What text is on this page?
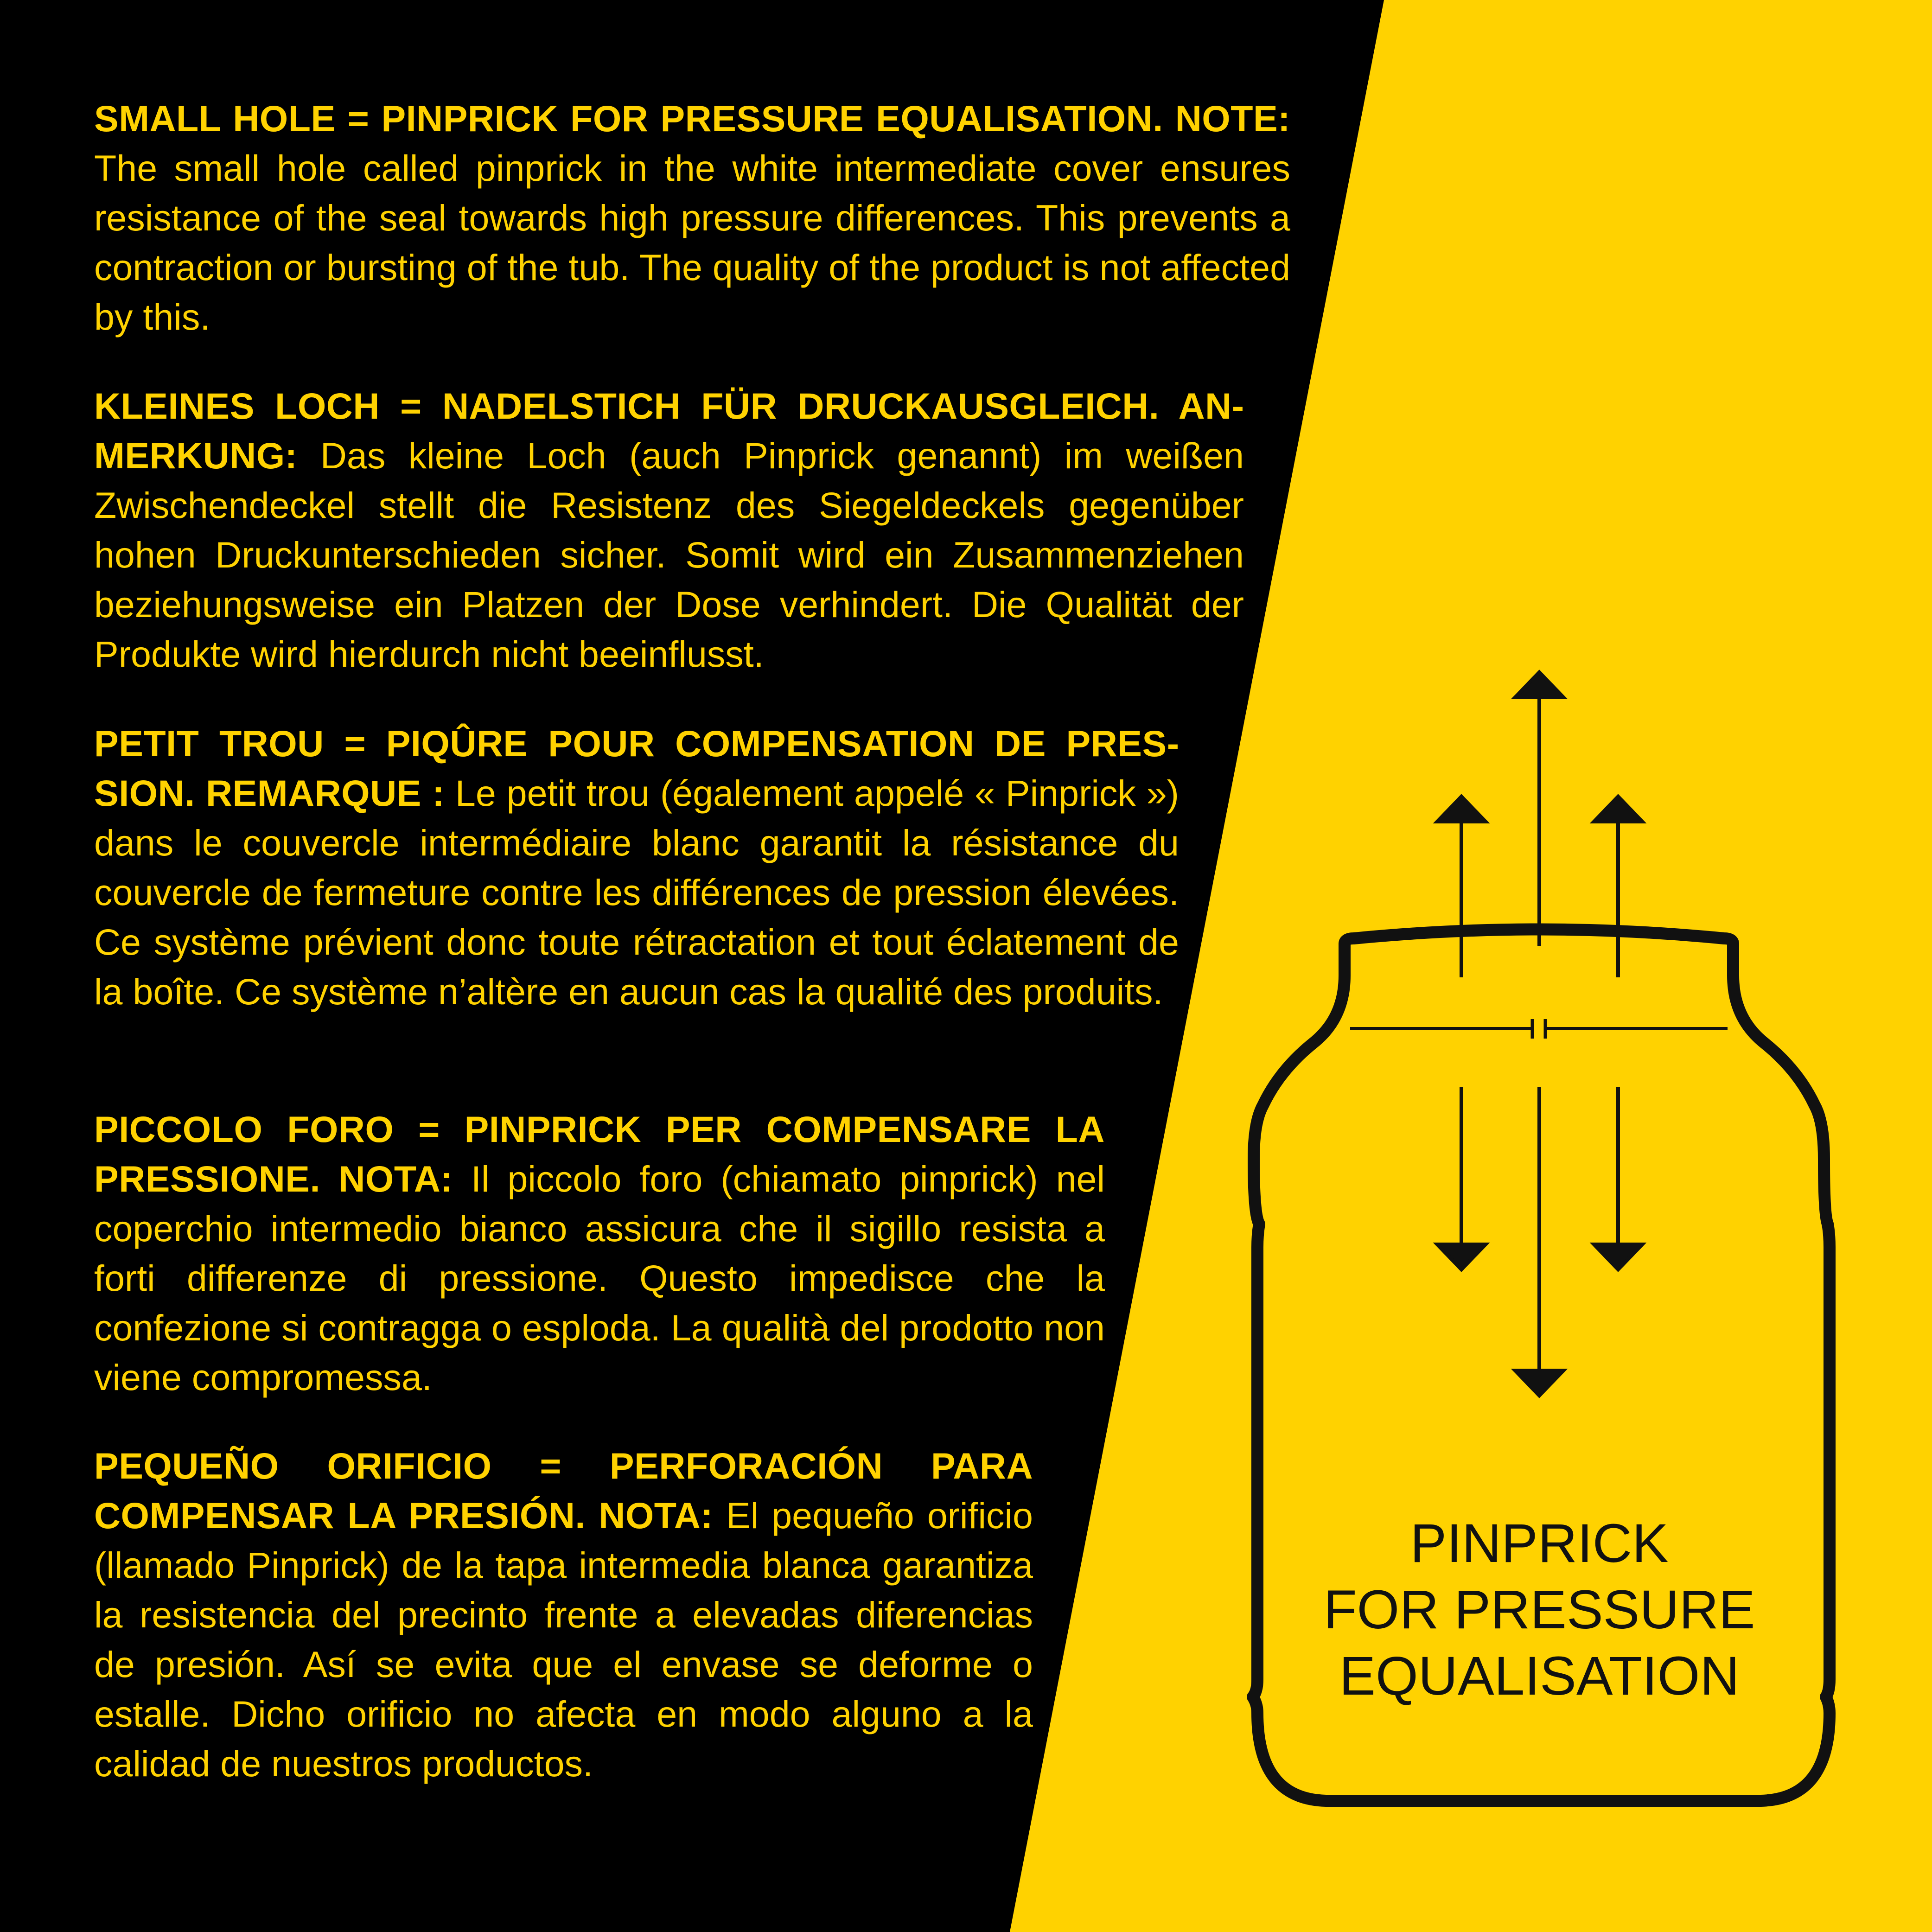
SMALL HOLE = PINPRICK FOR PRESSURE EQUALISATION. NOTE: The small hole called pinprick in the white intermediate cover ensures resistance of the seal towards high pressure differences. This prevents a contraction or bursting of the tub. The quality of the product is not affected by this.

KLEINES LOCH = NADELSTICH FÜR DRUCKAUSGLEICH. ANMERKUNG: Das kleine Loch (auch Pinprick genannt) im weißen Zwischendeckel stellt die Resistenz des Siegeldeckels gegenüber hohen Druckunterschieden sicher. Somit wird ein Zusammenziehen beziehungsweise ein Platzen der Dose verhindert. Die Qualität der Produkte wird hierdurch nicht beeinflusst.

PETIT TROU = PIQÛRE POUR COMPENSATION DE PRESSION. REMARQUE : Le petit trou (également appelé « Pinprick ») dans le couvercle intermédiaire blanc garantit la résistance du couvercle de fermeture contre les différences de pression élevées. Ce système prévient donc toute rétractation et tout éclatement de la boîte. Ce système n’altère en aucun cas la qualité des produits.

PICCOLO FORO = PINPRICK PER COMPENSARE LA PRESSIONE. NOTA: Il piccolo foro (chiamato pinprick) nel coperchio intermedio bianco assicura che il sigillo resista a forti differenze di pressione. Questo impedisce che la confezione si contragga o esploda. La qualità del prodotto non viene compromessa.

PEQUEÑO ORIFICIO = PERFORACIÓN PARA COMPENSAR LA PRESIÓN. NOTA: El pequeño orificio (llamado Pinprick) de la tapa intermedia blanca garantiza la resistencia del precinto frente a elevadas diferencias de presión. Así se evita que el envase se deforme o estalle. Dicho orificio no afecta en modo alguno a la calidad de nuestros productos.

PINPRICK
FOR PRESSURE
EQUALISATION
